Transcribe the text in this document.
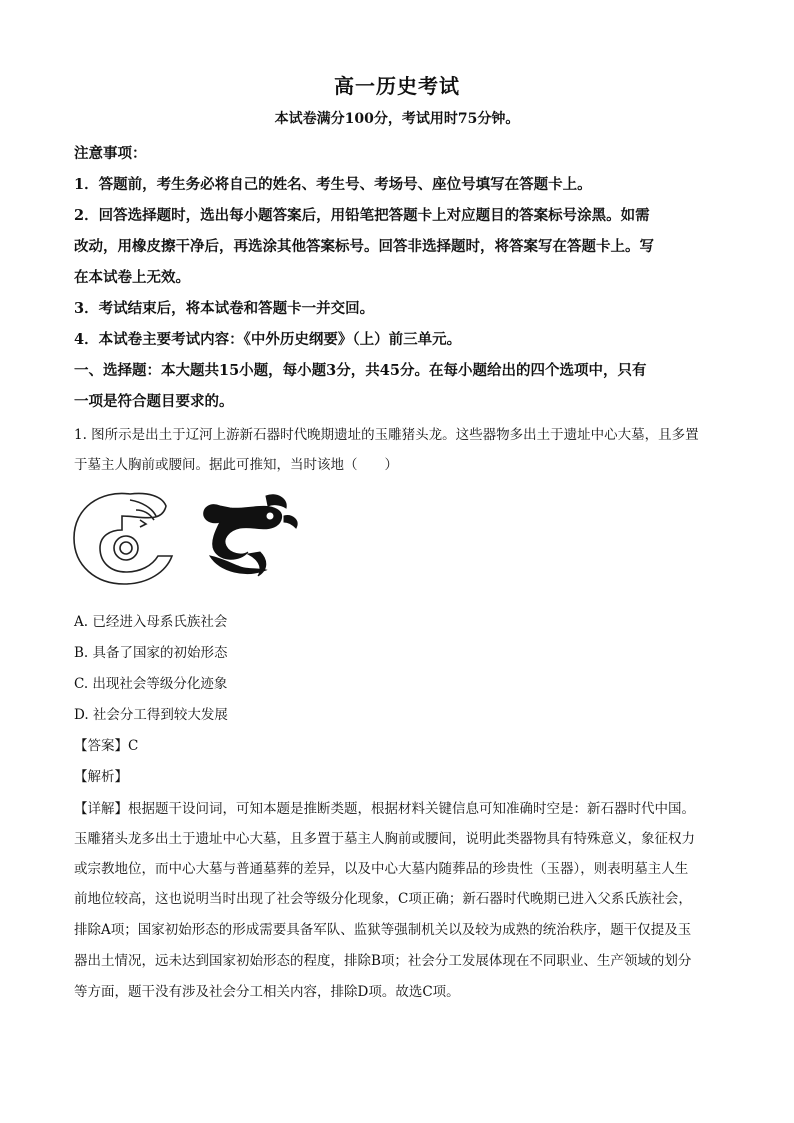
高一历史考试
本试卷满分100分，考试用时75分钟。
注意事项：
1．答题前，考生务必将自己的姓名、考生号、考场号、座位号填写在答题卡上。
2．回答选择题时，选出每小题答案后，用铅笔把答题卡上对应题目的答案标号涂黑。如需
改动，用橡皮擦干净后，再选涂其他答案标号。回答非选择题时，将答案写在答题卡上。写
在本试卷上无效。
3．考试结束后，将本试卷和答题卡一并交回。
4．本试卷主要考试内容：《中外历史纲要》（上）前三单元。
一、选择题：本大题共15小题，每小题3分，共45分。在每小题给出的四个选项中，只有
一项是符合题目要求的。
1. 图所示是出土于辽河上游新石器时代晚期遗址的玉雕猪头龙。这些器物多出土于遗址中心大墓，且多置
于墓主人胸前或腰间。据此可推知，当时该地（　　）
A. 已经进入母系氏族社会
B. 具备了国家的初始形态
C. 出现社会等级分化迹象
D. 社会分工得到较大发展
【答案】C
【解析】
【详解】根据题干设问词，可知本题是推断类题，根据材料关键信息可知准确时空是：新石器时代中国。
玉雕猪头龙多出土于遗址中心大墓，且多置于墓主人胸前或腰间，说明此类器物具有特殊意义，象征权力
或宗教地位，而中心大墓与普通墓葬的差异，以及中心大墓内随葬品的珍贵性（玉器），则表明墓主人生
前地位较高，这也说明当时出现了社会等级分化现象，C项正确；新石器时代晚期已进入父系氏族社会，
排除A项；国家初始形态的形成需要具备军队、监狱等强制机关以及较为成熟的统治秩序，题干仅提及玉
器出土情况，远未达到国家初始形态的程度，排除B项；社会分工发展体现在不同职业、生产领域的划分
等方面，题干没有涉及社会分工相关内容，排除D项。故选C项。
